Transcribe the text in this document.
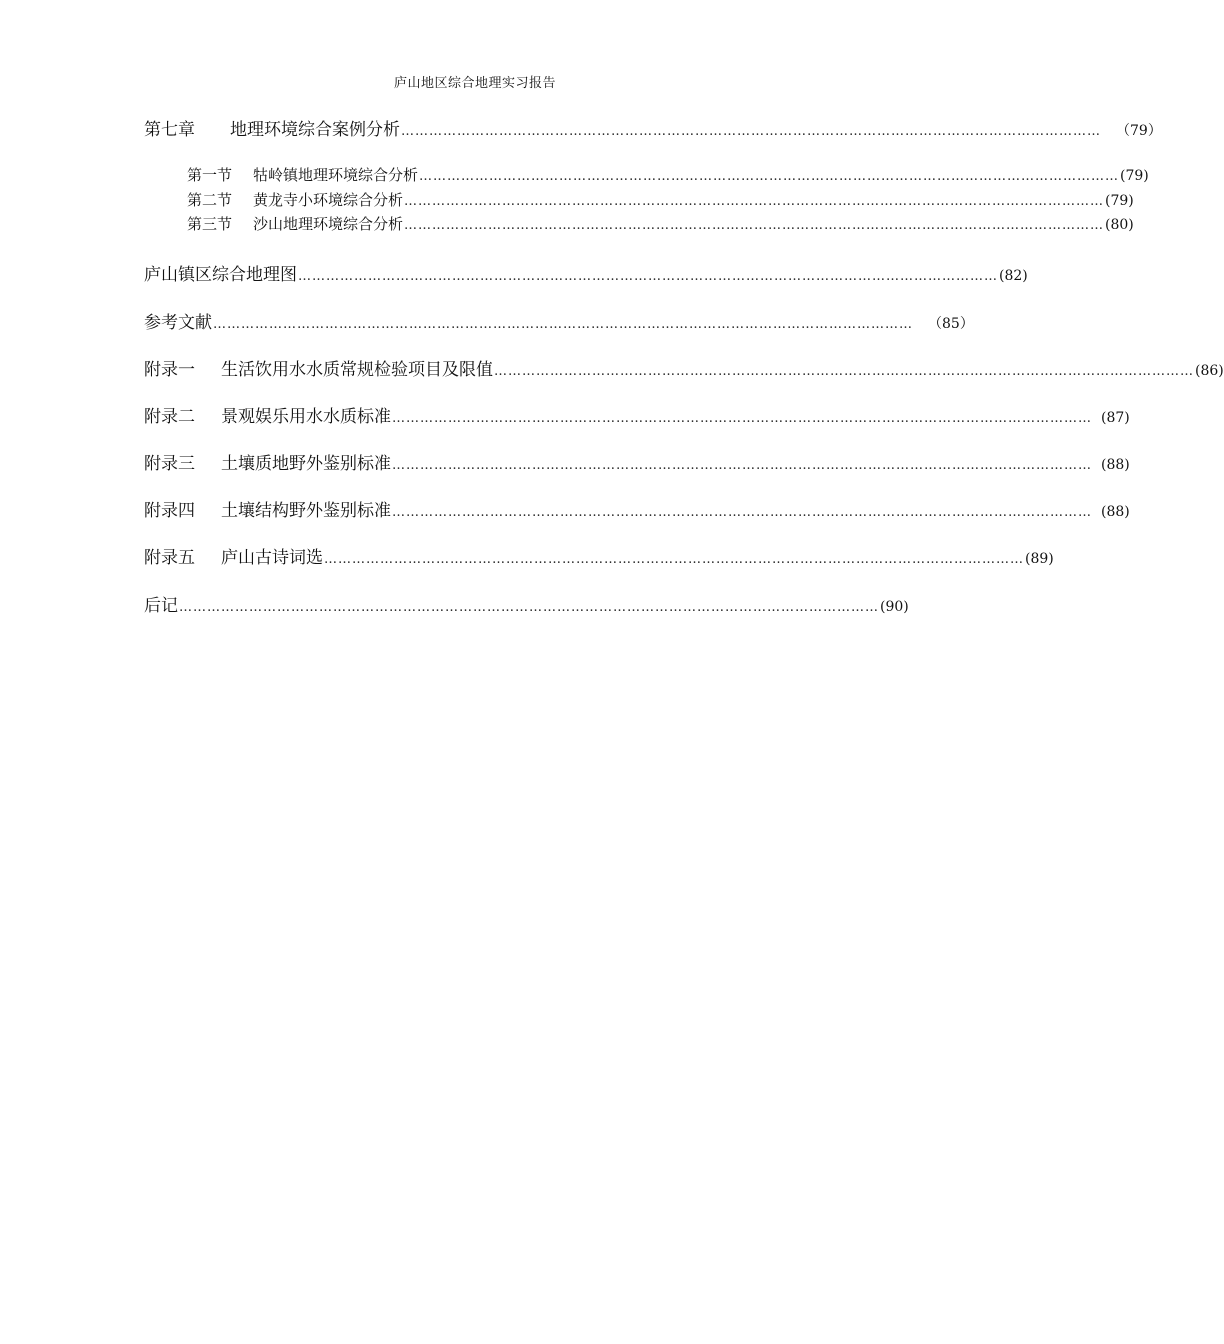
庐山地区综合地理实习报告
第七章	地理环境综合案例分析 …………………………………………………………………………………………………………………………………… （79）
第一节	牯岭镇地理环境综合分析 …………………………………………………………………………………………………………………………………… (79)
第二节	黄龙寺小环境综合分析 …………………………………………………………………………………………………………………………………… (79)
第三节	沙山地理环境综合分析 …………………………………………………………………………………………………………………………………… (80)
庐山镇区综合地理图 …………………………………………………………………………………………………………………………………… (82)
参考文献 …………………………………………………………………………………………………………………………………… （85）
附录一	生活饮用水水质常规检验项目及限值 …………………………………………………………………………………………………………………………………… (86)
附录二	景观娱乐用水水质标准 …………………………………………………………………………………………………………………………………… (87)
附录三	土壤质地野外鉴别标准 …………………………………………………………………………………………………………………………………… (88)
附录四	土壤结构野外鉴别标准 …………………………………………………………………………………………………………………………………… (88)
附录五	庐山古诗词选 …………………………………………………………………………………………………………………………………… (89)
后记 …………………………………………………………………………………………………………………………………… (90)
